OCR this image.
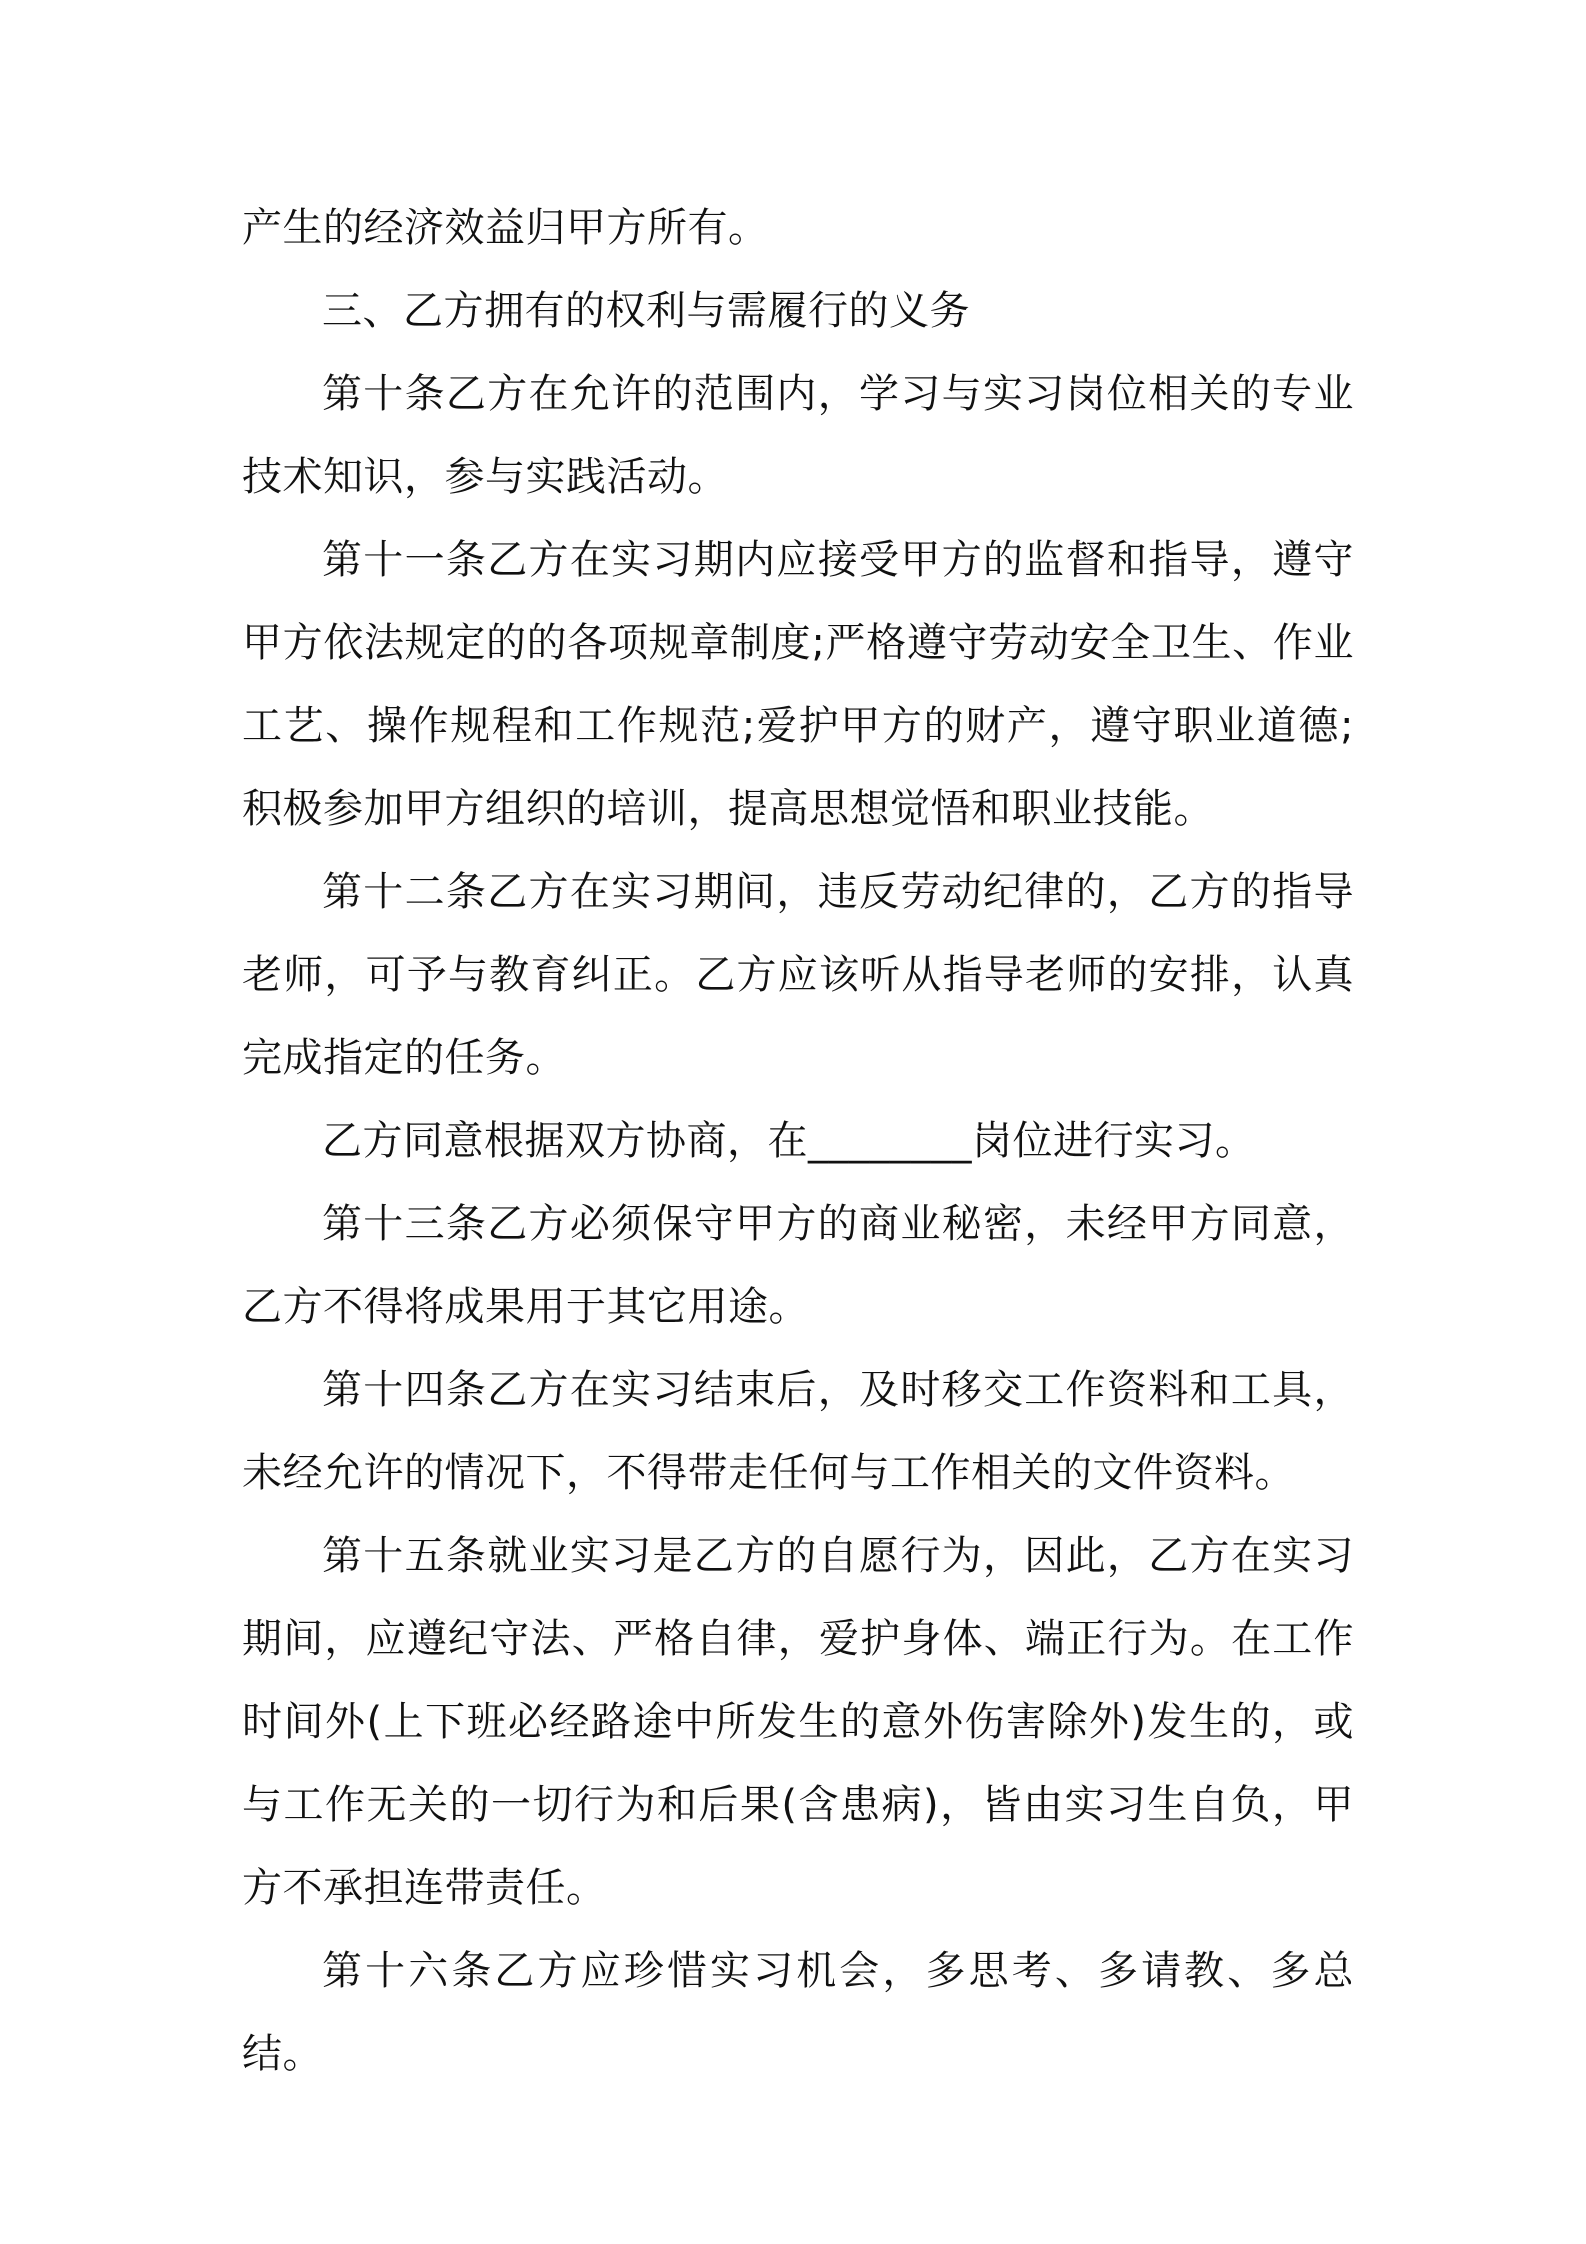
产生的经济效益归甲方所有。

三、乙方拥有的权利与需履行的义务

第十条乙方在允许的范围内，学习与实习岗位相关的专业技术知识，参与实践活动。

第十一条乙方在实习期内应接受甲方的监督和指导，遵守甲方依法规定的的各项规章制度;严格遵守劳动安全卫生、作业工艺、操作规程和工作规范;爱护甲方的财产，遵守职业道德;积极参加甲方组织的培训，提高思想觉悟和职业技能。

第十二条乙方在实习期间，违反劳动纪律的，乙方的指导老师，可予与教育纠正。乙方应该听从指导老师的安排，认真完成指定的任务。

乙方同意根据双方协商，在________岗位进行实习。

第十三条乙方必须保守甲方的商业秘密，未经甲方同意，乙方不得将成果用于其它用途。

第十四条乙方在实习结束后，及时移交工作资料和工具，未经允许的情况下，不得带走任何与工作相关的文件资料。

第十五条就业实习是乙方的自愿行为，因此，乙方在实习期间，应遵纪守法、严格自律，爱护身体、端正行为。在工作时间外(上下班必经路途中所发生的意外伤害除外)发生的，或与工作无关的一切行为和后果(含患病)，皆由实习生自负，甲方不承担连带责任。

第十六条乙方应珍惜实习机会，多思考、多请教、多总结。
